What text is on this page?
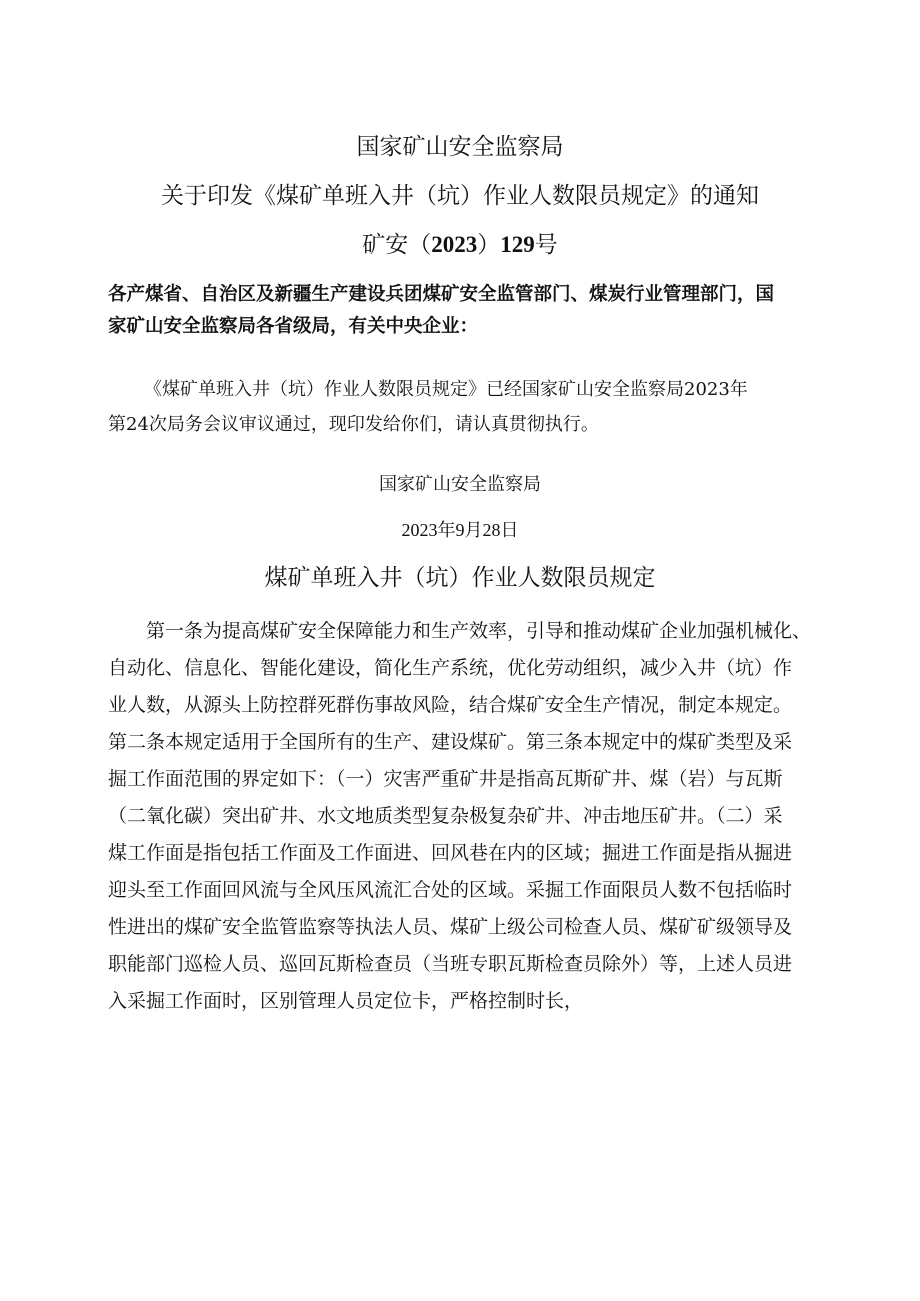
国家矿山安全监察局
关于印发《煤矿单班入井（坑）作业人数限员规定》的通知
矿安（2023）129号
各产煤省、自治区及新疆生产建设兵团煤矿安全监管部门、煤炭行业管理部门，国
家矿山安全监察局各省级局，有关中央企业：
《煤矿单班入井（坑）作业人数限员规定》已经国家矿山安全监察局2023年
第24次局务会议审议通过，现印发给你们，请认真贯彻执行。
国家矿山安全监察局
2023年9月28日
煤矿单班入井（坑）作业人数限员规定
第一条为提高煤矿安全保障能力和生产效率，引导和推动煤矿企业加强机械化、
自动化、信息化、智能化建设，简化生产系统，优化劳动组织，减少入井（坑）作
业人数，从源头上防控群死群伤事故风险，结合煤矿安全生产情况，制定本规定。
第二条本规定适用于全国所有的生产、建设煤矿。第三条本规定中的煤矿类型及采
掘工作面范围的界定如下：（一）灾害严重矿井是指高瓦斯矿井、煤（岩）与瓦斯
（二氧化碳）突出矿井、水文地质类型复杂极复杂矿井、冲击地压矿井。（二）采
煤工作面是指包括工作面及工作面进、回风巷在内的区域；掘进工作面是指从掘进
迎头至工作面回风流与全风压风流汇合处的区域。采掘工作面限员人数不包括临时
性进出的煤矿安全监管监察等执法人员、煤矿上级公司检查人员、煤矿矿级领导及
职能部门巡检人员、巡回瓦斯检查员（当班专职瓦斯检查员除外）等，上述人员进
入采掘工作面时，区别管理人员定位卡，严格控制时长，
